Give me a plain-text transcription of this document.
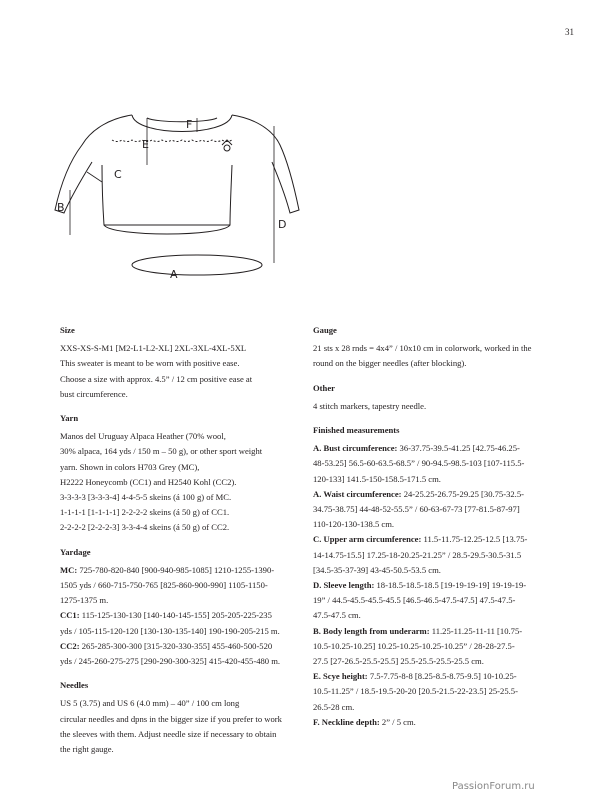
31
A
B
C
D
E
F
Size
XXS-XS-S-M1 [M2-L1-L2-XL] 2XL-3XL-4XL-5XL
This sweater is meant to be worn with positive ease.
Choose a size with approx. 4.5” / 12 cm positive ease at
bust circumference.
Yarn
Manos del Uruguay Alpaca Heather (70% wool,
30% alpaca, 164 yds / 150 m – 50 g), or other sport weight
yarn. Shown in colors H703 Grey (MC),
H2222 Honeycomb (CC1) and H2540 Kohl (CC2).
3-3-3-3 [3-3-3-4] 4-4-5-5 skeins (á 100 g) of MC.
1-1-1-1 [1-1-1-1] 2-2-2-2 skeins (á 50 g) of CC1.
2-2-2-2 [2-2-2-3] 3-3-4-4 skeins (á 50 g) of CC2.
Yardage
MC: 725-780-820-840 [900-940-985-1085] 1210-1255-1390-
1505 yds / 660-715-750-765 [825-860-900-990] 1105-1150-
1275-1375 m.
CC1: 115-125-130-130 [140-140-145-155] 205-205-225-235
yds / 105-115-120-120 [130-130-135-140] 190-190-205-215 m.
CC2: 265-285-300-300 [315-320-330-355] 455-460-500-520
yds / 245-260-275-275 [290-290-300-325] 415-420-455-480 m.
Needles
US 5 (3.75) and US 6 (4.0 mm) – 40” / 100 cm long
circular needles and dpns in the bigger size if you prefer to work
the sleeves with them. Adjust needle size if necessary to obtain
the right gauge.
Gauge
21 sts x 28 rnds = 4x4” / 10x10 cm in colorwork, worked in the
round on the bigger needles (after blocking).
Other
4 stitch markers, tapestry needle.
Finished measurements
A. Bust circumference: 36-37.75-39.5-41.25 [42.75-46.25-
48-53.25] 56.5-60-63.5-68.5” / 90-94.5-98.5-103 [107-115.5-
120-133] 141.5-150-158.5-171.5 cm.
A. Waist circumference: 24-25.25-26.75-29.25 [30.75-32.5-
34.75-38.75] 44-48-52-55.5” / 60-63-67-73 [77-81.5-87-97]
110-120-130-138.5 cm.
C. Upper arm circumference: 11.5-11.75-12.25-12.5 [13.75-
14-14.75-15.5] 17.25-18-20.25-21.25” / 28.5-29.5-30.5-31.5
[34.5-35-37-39] 43-45-50.5-53.5 cm.
D. Sleeve length: 18-18.5-18.5-18.5 [19-19-19-19] 19-19-19-
19” / 44.5-45.5-45.5-45.5 [46.5-46.5-47.5-47.5] 47.5-47.5-
47.5-47.5 cm.
B. Body length from underarm: 11.25-11.25-11-11 [10.75-
10.5-10.25-10.25] 10.25-10.25-10.25-10.25” / 28-28-27.5-
27.5 [27-26.5-25.5-25.5] 25.5-25.5-25.5-25.5 cm.
E. Scye height: 7.5-7.75-8-8 [8.25-8.5-8.75-9.5] 10-10.25-
10.5-11.25” / 18.5-19.5-20-20 [20.5-21.5-22-23.5] 25-25.5-
26.5-28 cm.
F. Neckline depth: 2” / 5 cm.
PassionForum.ru
